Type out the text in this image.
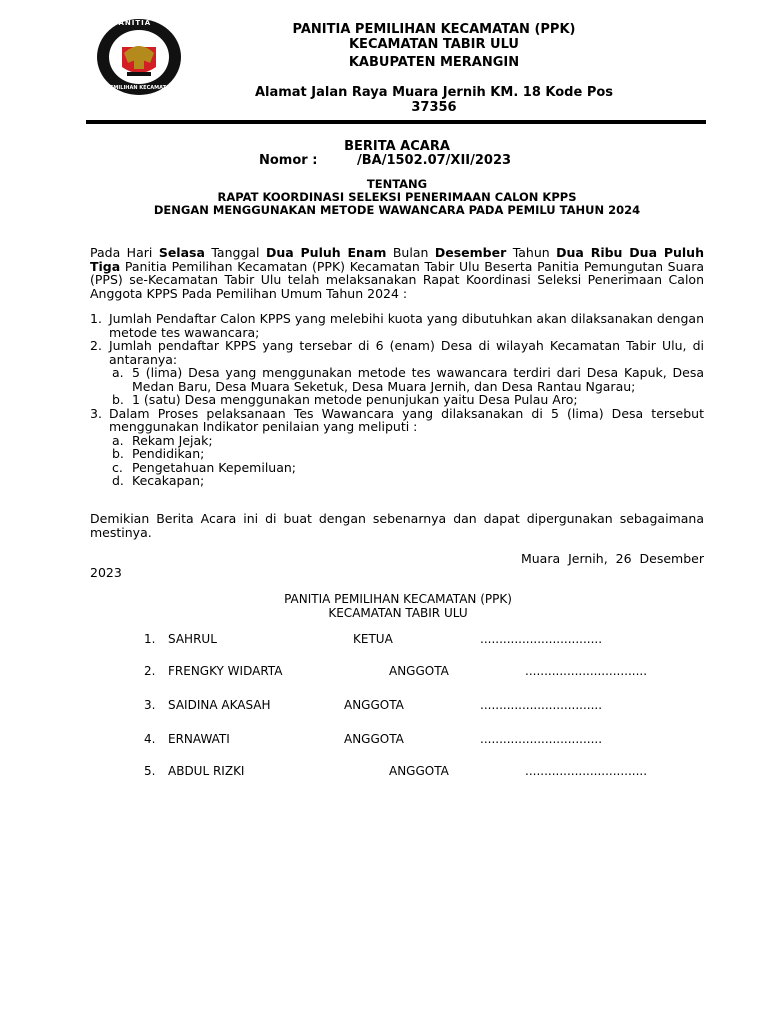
PANITIA
PEMILIHAN KECAMATAN
PANITIA PEMILIHAN KECAMATAN (PPK)
KECAMATAN TABIR ULU
KABUPATEN MERANGIN
Alamat Jalan Raya Muara Jernih KM. 18 Kode Pos
37356
BERITA ACARA
Nomor :	/BA/1502.07/XII/2023
TENTANG
RAPAT KOORDINASI SELEKSI PENERIMAAN CALON KPPS
DENGAN MENGGUNAKAN METODE WAWANCARA PADA PEMILU TAHUN 2024
Pada Hari Selasa Tanggal Dua Puluh Enam Bulan Desember Tahun Dua Ribu Dua Puluh Tiga Panitia Pemilihan Kecamatan (PPK) Kecamatan Tabir Ulu Beserta Panitia Pemungutan Suara (PPS) se-Kecamatan Tabir Ulu telah melaksanakan Rapat Koordinasi Seleksi Penerimaan Calon Anggota KPPS Pada Pemilihan Umum Tahun 2024 :
1. Jumlah Pendaftar Calon KPPS yang melebihi kuota yang dibutuhkan akan dilaksanakan dengan metode tes wawancara;
2. Jumlah pendaftar KPPS yang tersebar di 6 (enam) Desa di wilayah Kecamatan Tabir Ulu, di antaranya:
a. 5 (lima) Desa yang menggunakan metode tes wawancara terdiri dari Desa Kapuk, Desa Medan Baru, Desa Muara Seketuk, Desa Muara Jernih, dan Desa Rantau Ngarau;
b. 1 (satu) Desa menggunakan metode penunjukan yaitu Desa Pulau Aro;
3. Dalam Proses pelaksanaan Tes Wawancara yang dilaksanakan di 5 (lima) Desa tersebut menggunakan Indikator penilaian yang meliputi :
a. Rekam Jejak;
b. Pendidikan;
c. Pengetahuan Kepemiluan;
d. Kecakapan;
Demikian Berita Acara ini di buat dengan sebenarnya dan dapat dipergunakan sebagaimana mestinya.
Muara Jernih, 26 Desember
2023
PANITIA PEMILIHAN KECAMATAN (PPK)
KECAMATAN TABIR ULU
1. SAHRUL	KETUA	................................
2. FRENGKY WIDARTA	ANGGOTA	................................
3. SAIDINA AKASAH	ANGGOTA	................................
4. ERNAWATI	ANGGOTA	................................
5. ABDUL RIZKI	ANGGOTA	................................
